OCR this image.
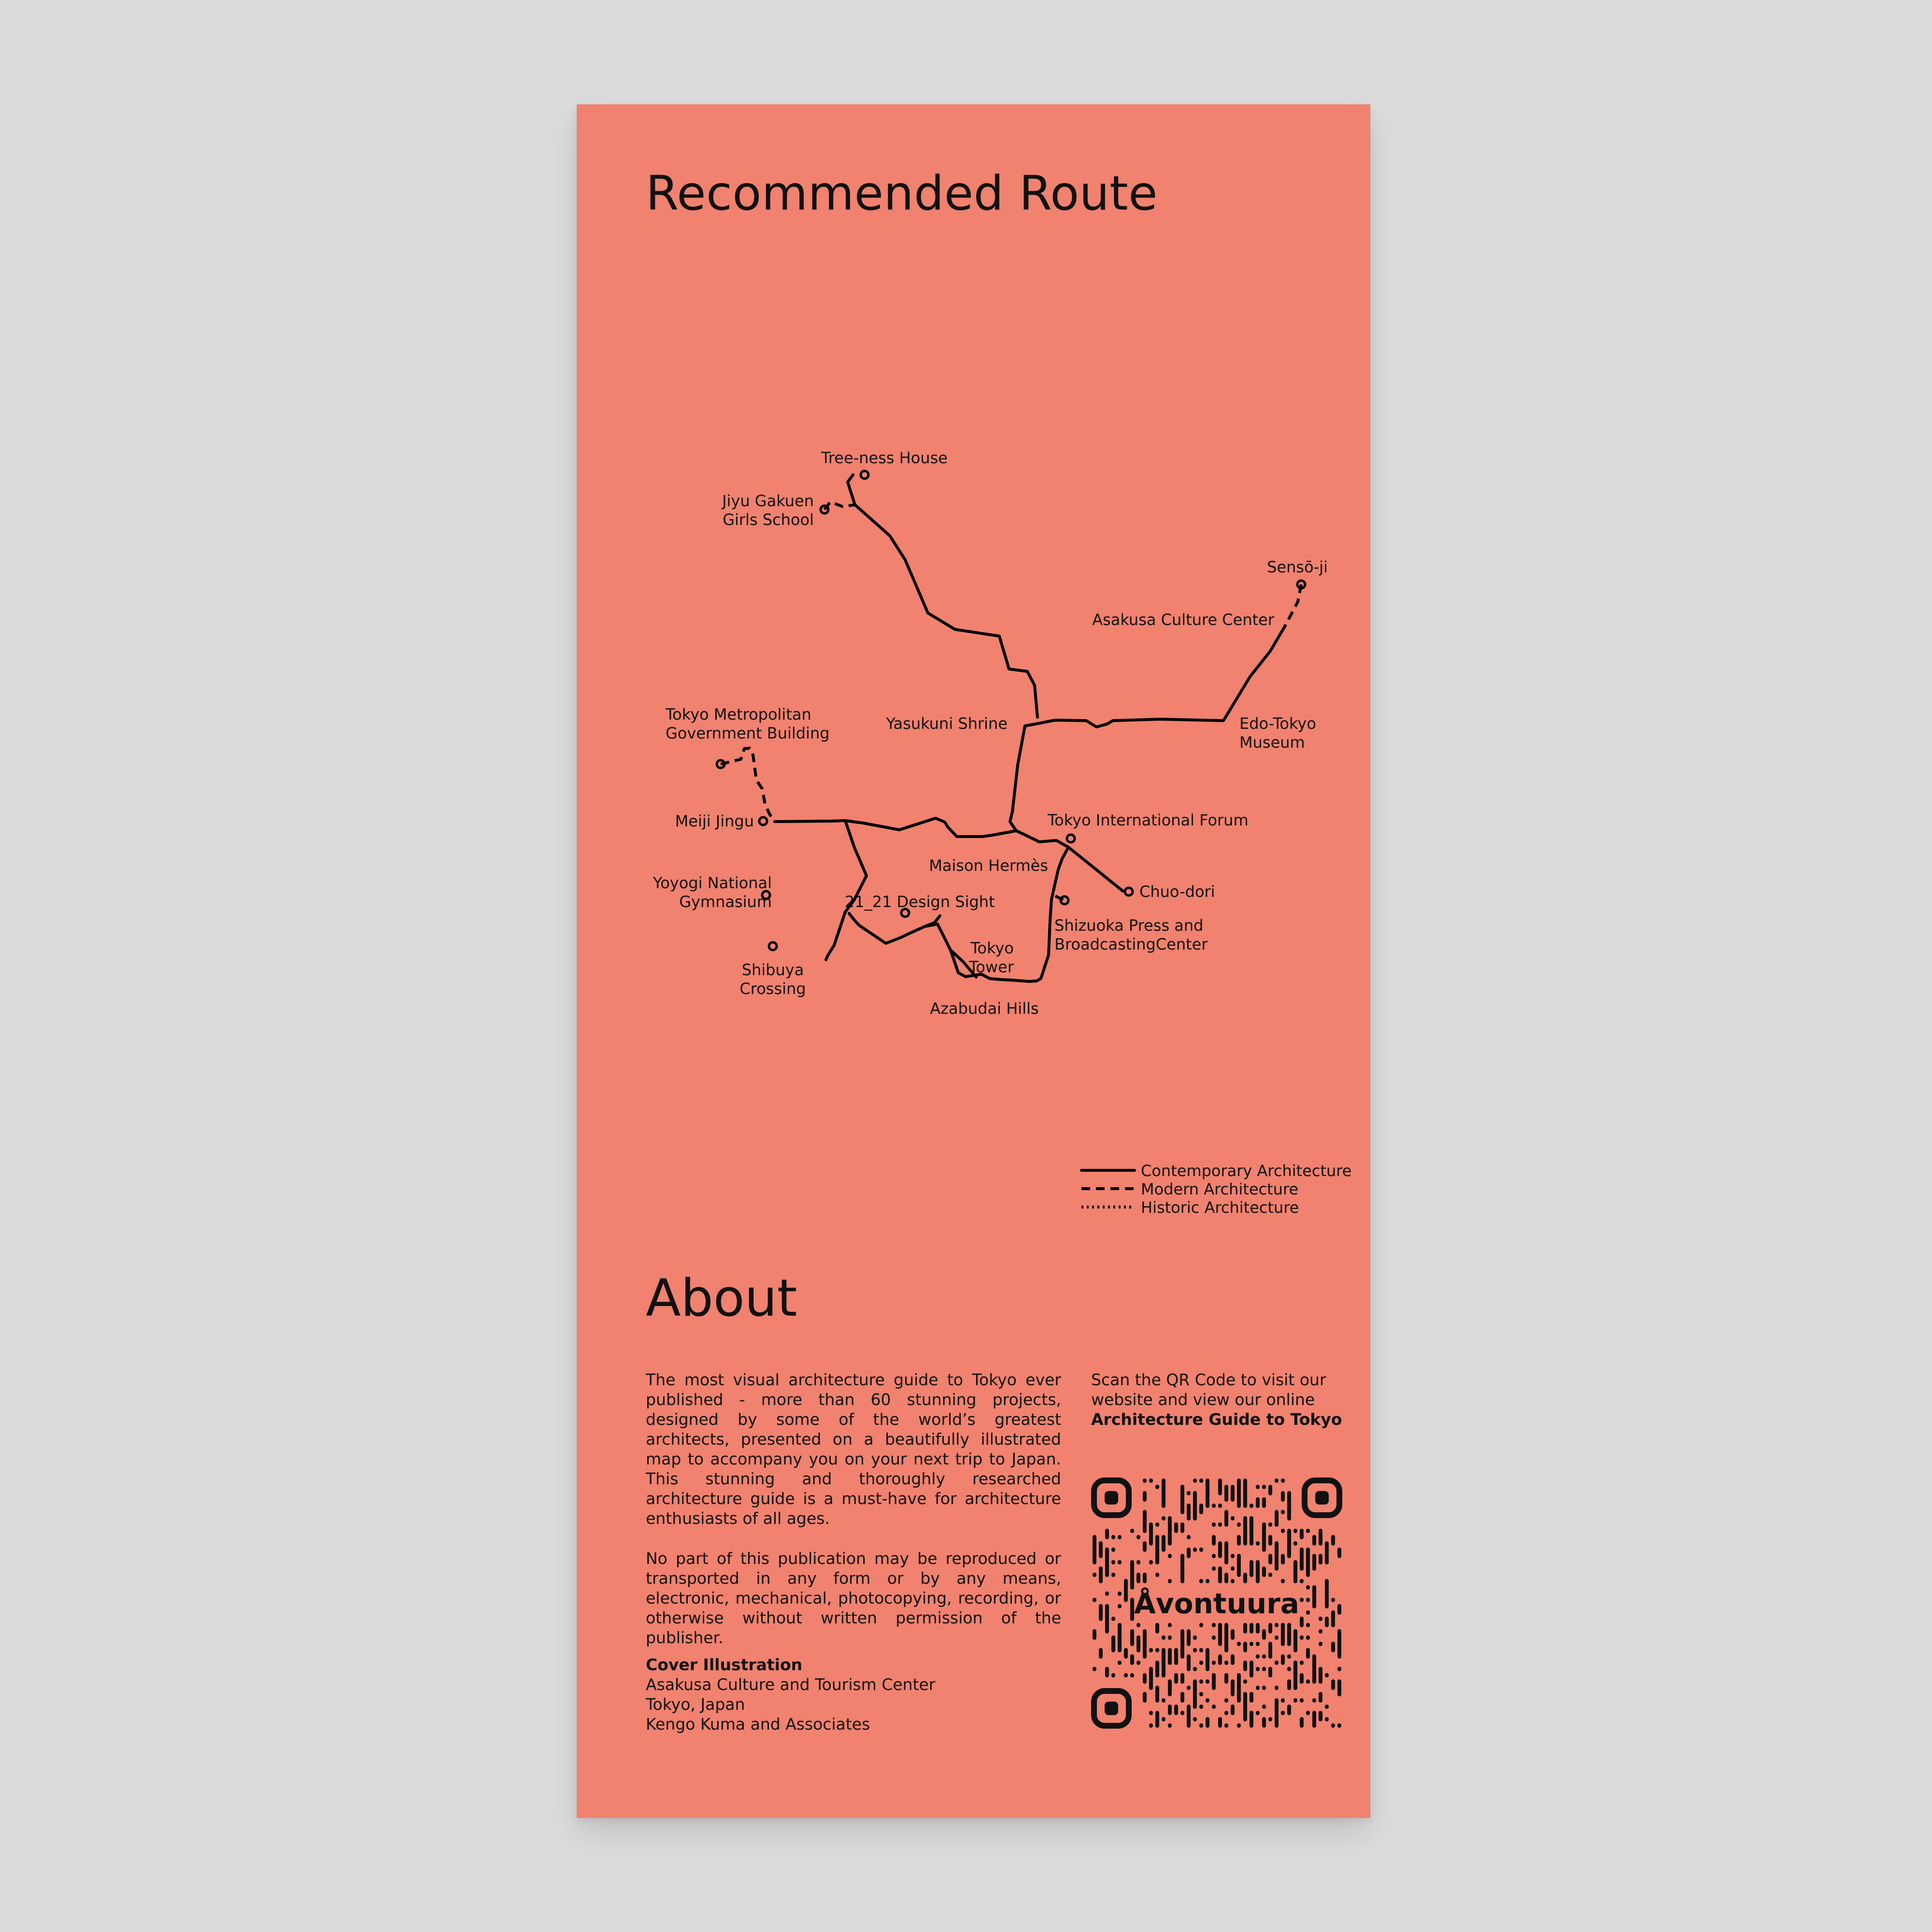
Recommended Route
Tree-ness House
Jiyu Gakuen
Girls School
Sensō-ji
Asakusa Culture Center
Tokyo Metropolitan
Government Building
Yasukuni Shrine	Edo-Tokyo
Museum
Meiji Jingu	Tokyo International Forum
Maison Hermès
Chuo-dori
Yoyogi National
Gymnasium	21_21 Design Sight
Shizuoka Press and
BroadcastingCenter
Tokyo
Tower
Shibuya
Crossing
Azabudai Hills
Contemporary Architecture
Modern Architecture
Historic Architecture
About

The most visual architecture guide to Tokyo ever published - more than 60 stunning projects, designed by some of the world’s greatest architects, presented on a beautifully illustrated map to accompany you on your next trip to Japan. This stunning and thoroughly researched architecture guide is a must-have for architecture enthusiasts of all ages.

No part of this publication may be reproduced or transported in any form or by any means, electronic, mechanical, photocopying, recording, or otherwise without written permission of the publisher.

Cover Illustration
Asakusa Culture and Tourism Center
Tokyo, Japan
Kengo Kuma and Associates
Scan the QR Code to visit our website and view our online Architecture Guide to Tokyo
Åvontuura
